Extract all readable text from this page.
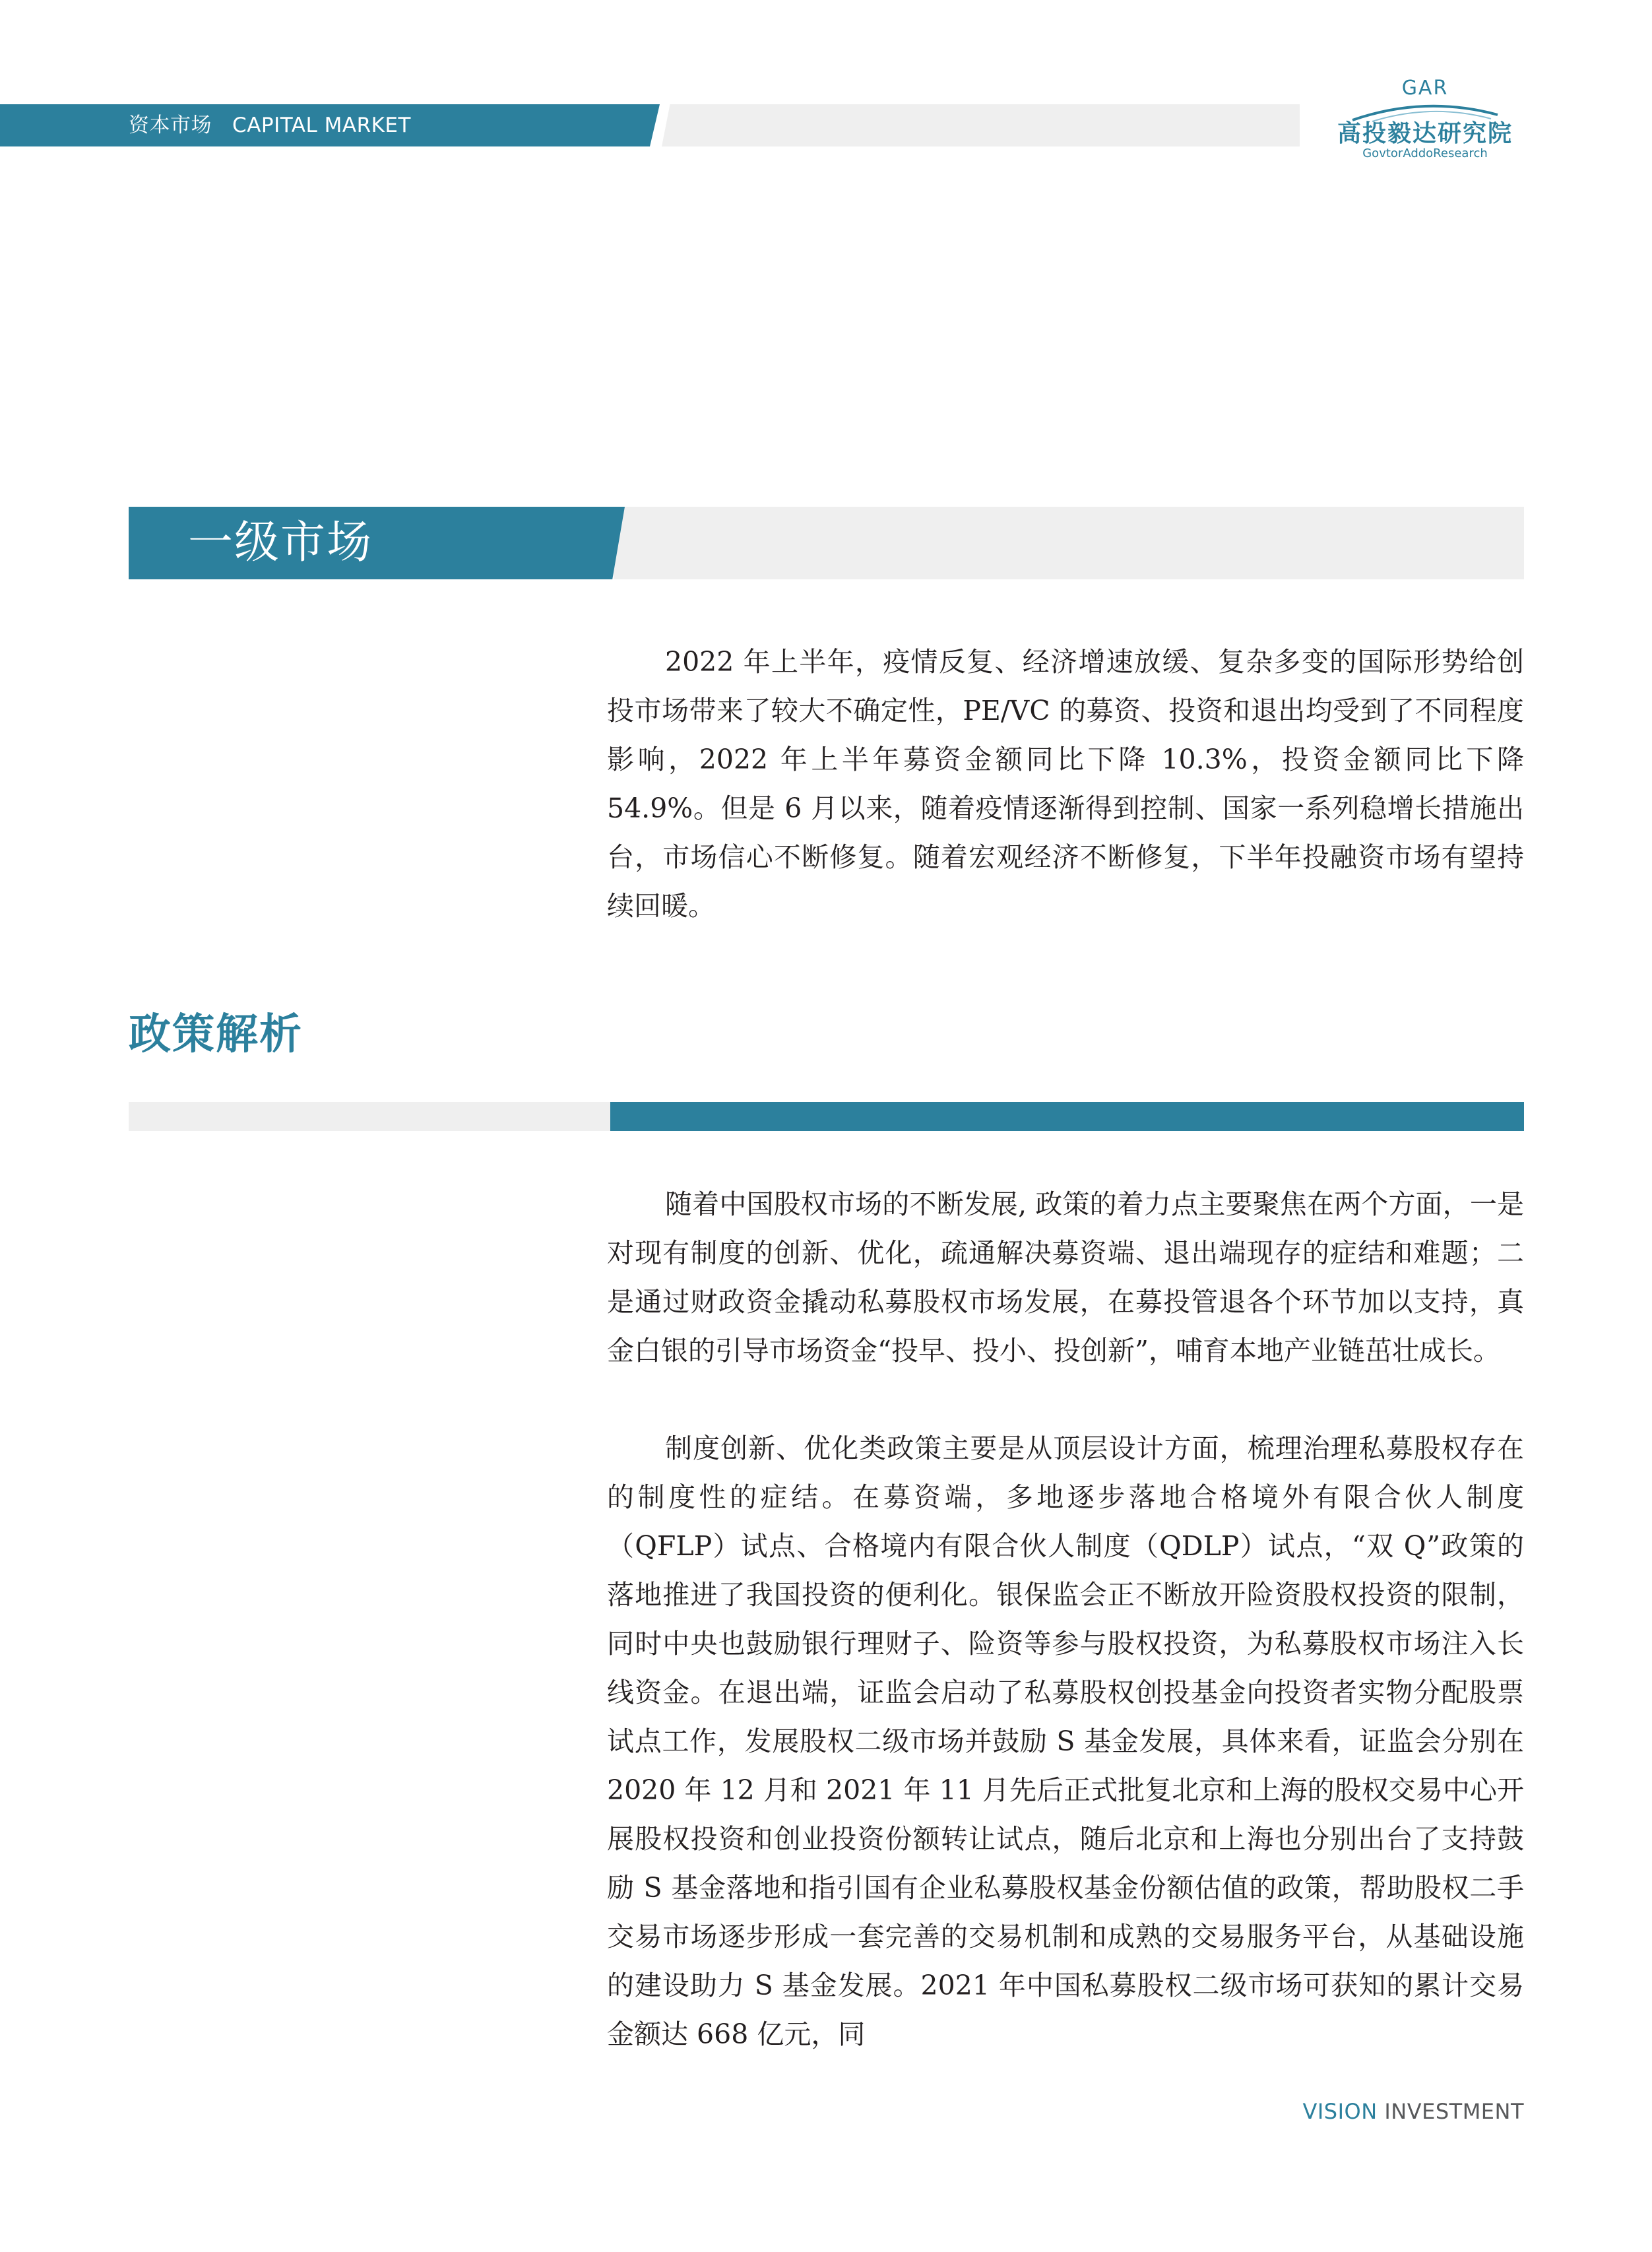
资本市场   CAPITAL MARKET
GAR
高投毅达研究院
GovtorAddoResearch
一级市场

2022 年上半年，疫情反复、经济增速放缓、复杂多变的国际形势给创投市场带来了较大不确定性，PE/VC 的募资、投资和退出均受到了不同程度影响，2022 年上半年募资金额同比下降 10.3%，投资金额同比下降 54.9%。但是 6 月以来，随着疫情逐渐得到控制、国家一系列稳增长措施出台，市场信心不断修复。随着宏观经济不断修复，下半年投融资市场有望持续回暖。

政策解析

随着中国股权市场的不断发展, 政策的着力点主要聚焦在两个方面，一是对现有制度的创新、优化，疏通解决募资端、退出端现存的症结和难题；二是通过财政资金撬动私募股权市场发展，在募投管退各个环节加以支持，真金白银的引导市场资金“投早、投小、投创新”，哺育本地产业链茁壮成长。

制度创新、优化类政策主要是从顶层设计方面，梳理治理私募股权存在的制度性的症结。在募资端，多地逐步落地合格境外有限合伙人制度（QFLP）试点、合格境内有限合伙人制度（QDLP）试点，“双 Q”政策的落地推进了我国投资的便利化。银保监会正不断放开险资股权投资的限制，同时中央也鼓励银行理财子、险资等参与股权投资，为私募股权市场注入长线资金。在退出端，证监会启动了私募股权创投基金向投资者实物分配股票试点工作，发展股权二级市场并鼓励 S 基金发展，具体来看，证监会分别在 2020 年 12 月和 2021 年 11 月先后正式批复北京和上海的股权交易中心开展股权投资和创业投资份额转让试点，随后北京和上海也分别出台了支持鼓励 S 基金落地和指引国有企业私募股权基金份额估值的政策，帮助股权二手交易市场逐步形成一套完善的交易机制和成熟的交易服务平台，从基础设施的建设助力 S 基金发展。2021 年中国私募股权二级市场可获知的累计交易金额达 668 亿元，同

VISION INVESTMENT
